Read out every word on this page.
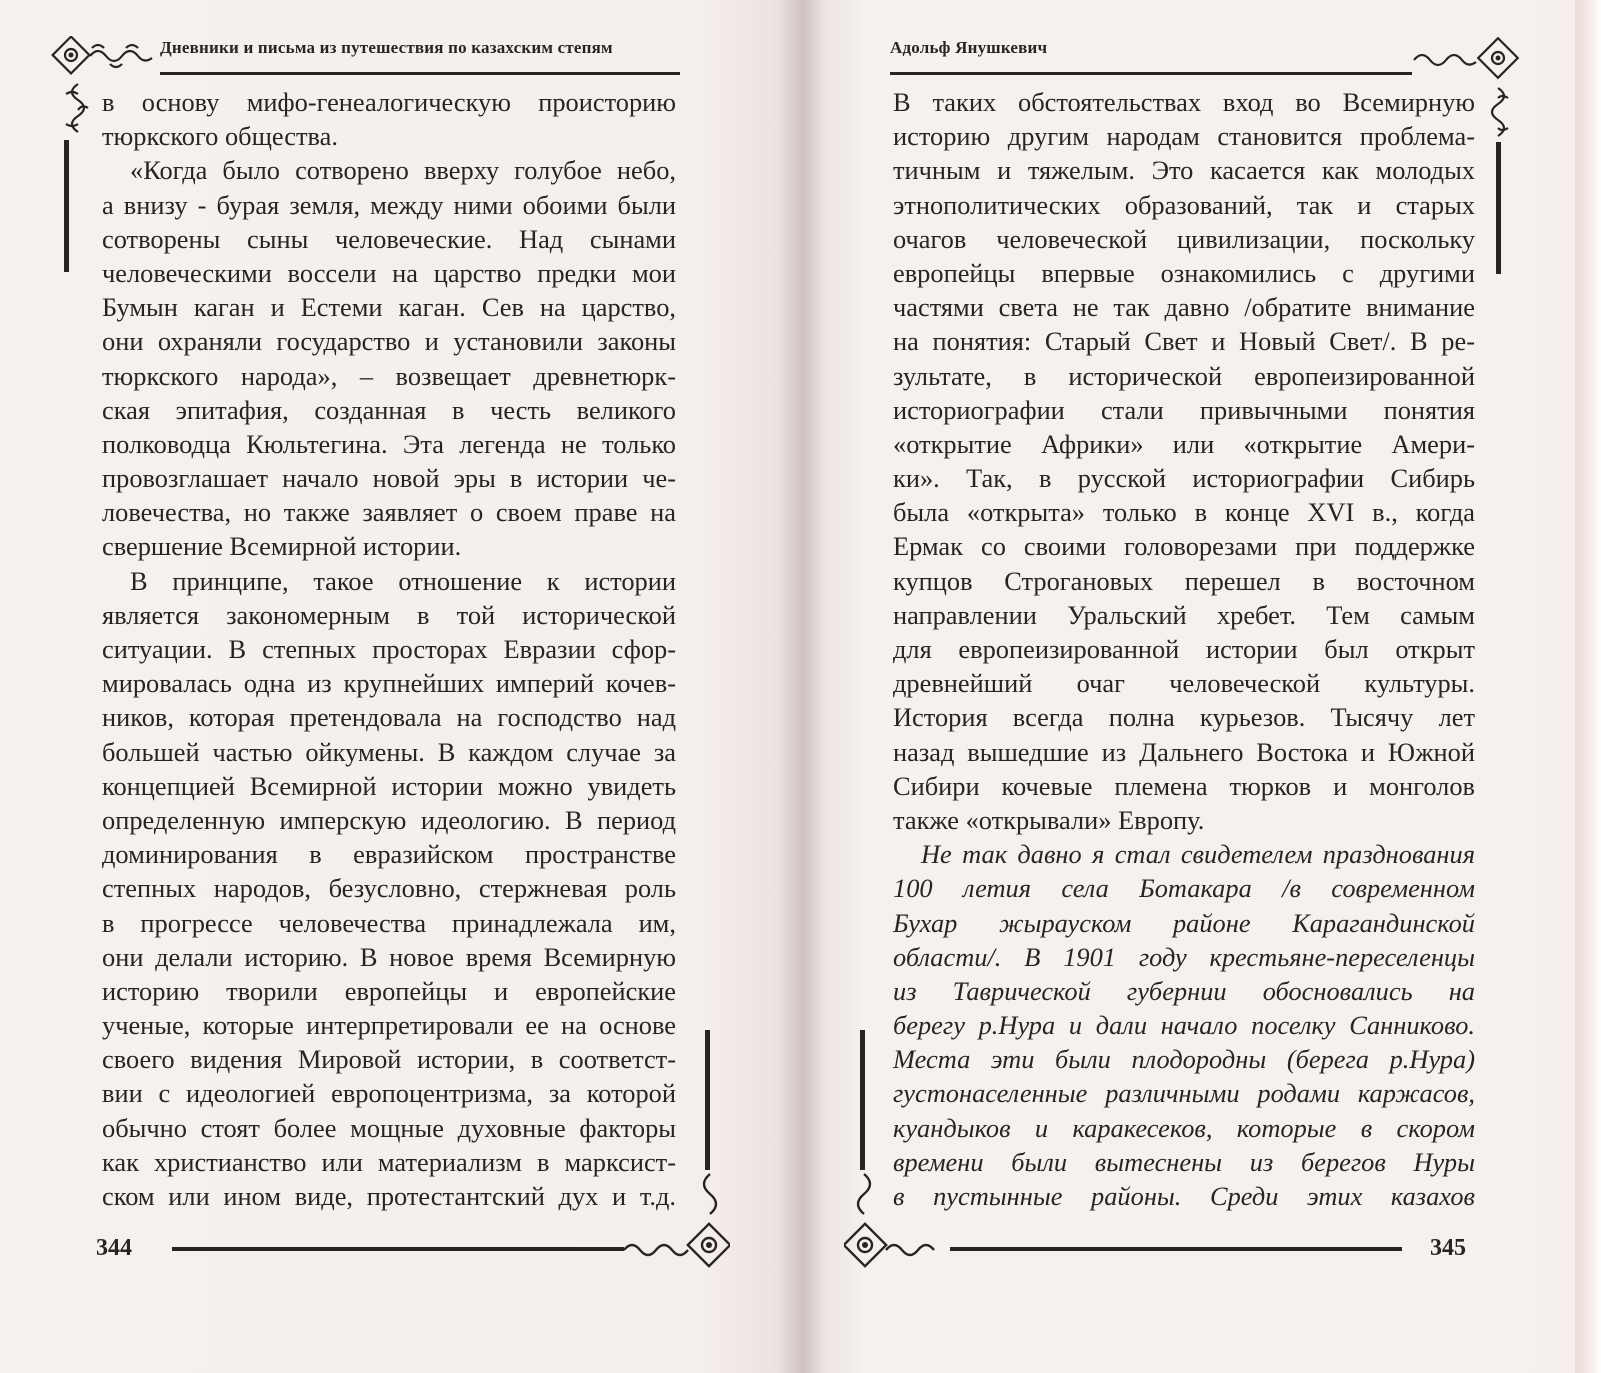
Дневники и письма из путешествия по казахским степям
в основу мифо-генеалогическую происторию
тюркского общества.
«Когда было сотворено вверху голубое небо,
а внизу - бурая земля, между ними обоими были
сотворены сыны человеческие. Над сынами
человеческими воссели на царство предки мои
Бумын каган и Естеми каган. Сев на царство,
они охраняли государство и установили законы
тюркского народа», – возвещает древнетюрк-
ская эпитафия, созданная в честь великого
полководца Кюльтегина. Эта легенда не только
провозглашает начало новой эры в истории че-
ловечества, но также заявляет о своем праве на
свершение Всемирной истории.
В принципе, такое отношение к истории
является закономерным в той исторической
ситуации. В степных просторах Евразии сфор-
мировалась одна из крупнейших империй кочев-
ников, которая претендовала на господство над
большей частью ойкумены. В каждом случае за
концепцией Всемирной истории можно увидеть
определенную имперскую идеологию. В период
доминирования в евразийском пространстве
степных народов, безусловно, стержневая роль
в прогрессе человечества принадлежала им,
они делали историю. В новое время Всемирную
историю творили европейцы и европейские
ученые, которые интерпретировали ее на основе
своего видения Мировой истории, в соответст-
вии с идеологией европоцентризма, за которой
обычно стоят более мощные духовные факторы
как христианство или материализм в марксист-
ском или ином виде, протестантский дух и т.д.
344
Адольф Янушкевич
В таких обстоятельствах вход во Всемирную
историю другим народам становится проблема-
тичным и тяжелым. Это касается как молодых
этнополитических образований, так и старых
очагов человеческой цивилизации, поскольку
европейцы впервые ознакомились с другими
частями света не так давно /обратите внимание
на понятия: Старый Свет и Новый Свет/. В ре-
зультате, в исторической европеизированной
историографии стали привычными понятия
«открытие Африки» или «открытие Амери-
ки». Так, в русской историографии Сибирь
была «открыта» только в конце XVI в., когда
Ермак со своими головорезами при поддержке
купцов Строгановых перешел в восточном
направлении Уральский хребет. Тем самым
для европеизированной истории был открыт
древнейший очаг человеческой культуры.
История всегда полна курьезов. Тысячу лет
назад вышедшие из Дальнего Востока и Южной
Сибири кочевые племена тюрков и монголов
также «открывали» Европу.
Не так давно я стал свидетелем празднования
100 летия села Ботакара /в современном
Бухар жырауском районе Карагандинской
области/. В 1901 году крестьяне-переселенцы
из Таврической губернии обосновались на
берегу р.Нура и дали начало поселку Санниково.
Места эти были плодородны (берега р.Нура)
густонаселенные различными родами каржасов,
куандыков и каракесеков, которые в скором
времени были вытеснены из берегов Нуры
в пустынные районы. Среди этих казахов
345
